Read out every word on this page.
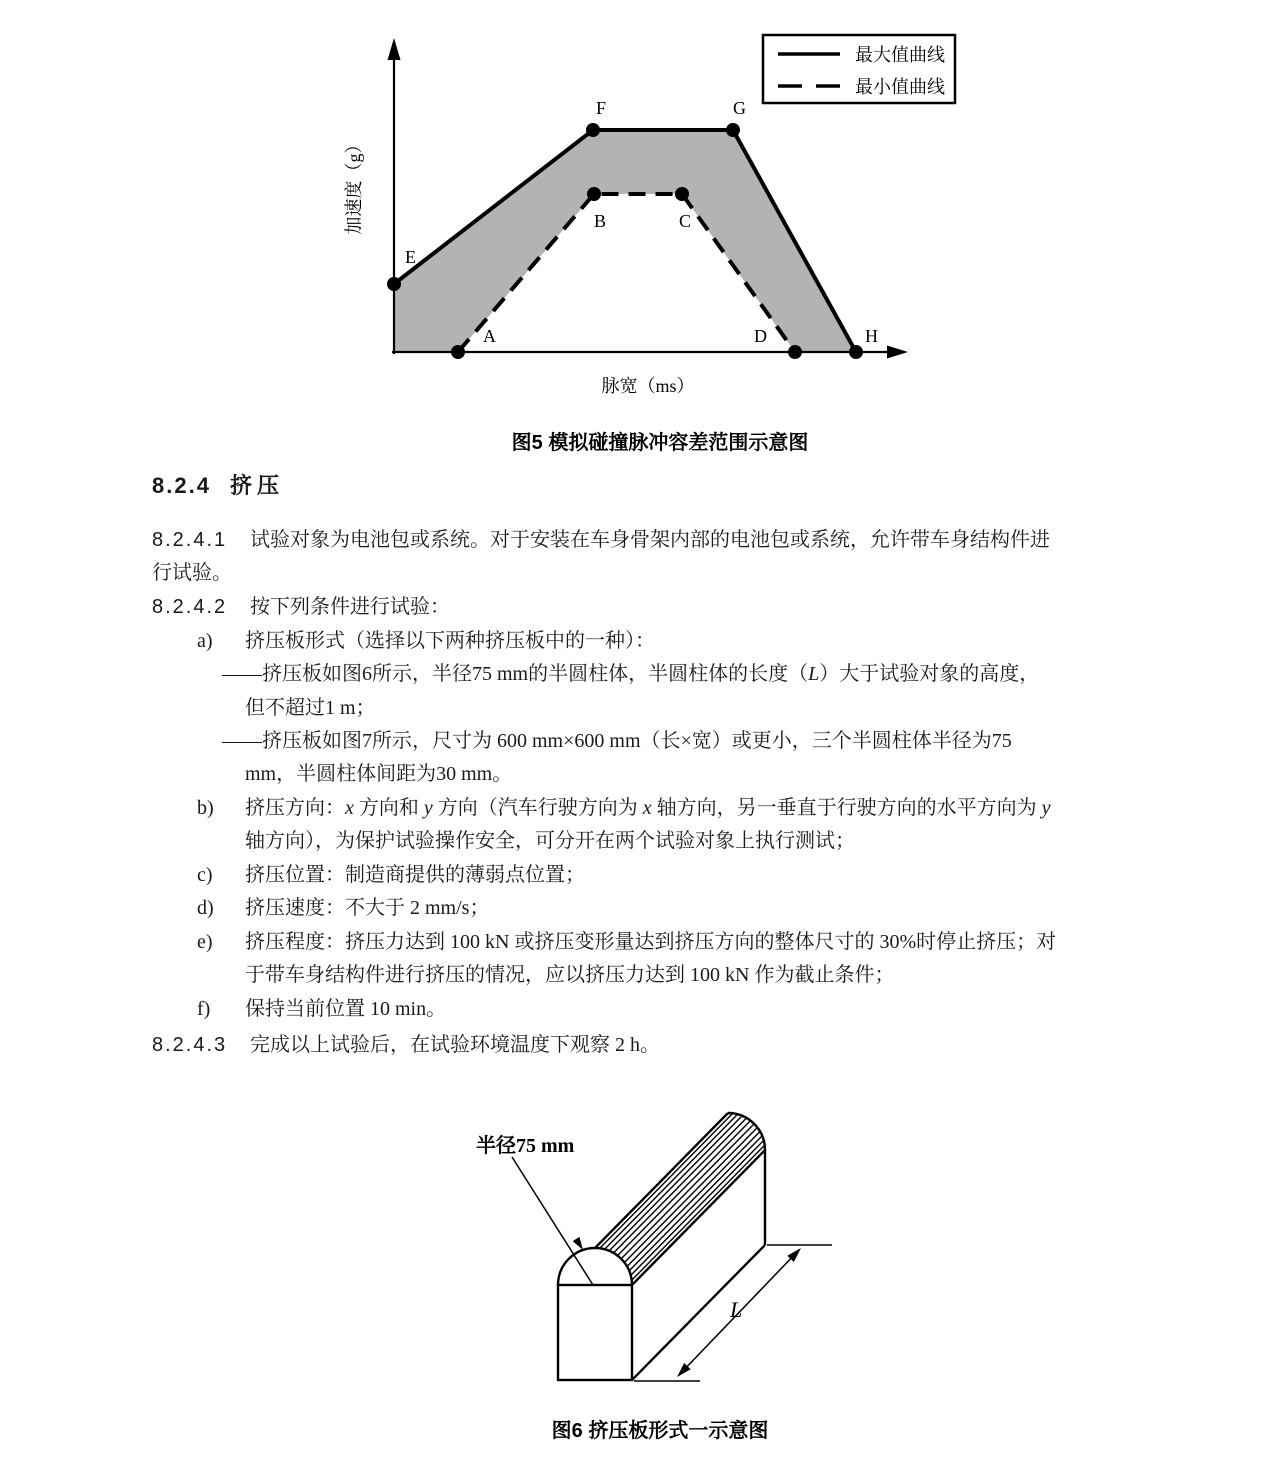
E
F	G
H
A
B	C
D
脉宽（ms）
加速度（g）
最大值曲线
最小值曲线
图5 模拟碰撞脉冲容差范围示意图
8.2.4 挤压
8.2.4.1 试验对象为电池包或系统。对于安装在车身骨架内部的电池包或系统，允许带车身结构件进
行试验。
8.2.4.2 按下列条件进行试验：
a) 挤压板形式（选择以下两种挤压板中的一种）：
——挤压板如图6所示，半径75 mm的半圆柱体，半圆柱体的长度（L）大于试验对象的高度，
但不超过1 m；
——挤压板如图7所示，尺寸为 600 mm×600 mm（长×宽）或更小，三个半圆柱体半径为75
mm，半圆柱体间距为30 mm。
b) 挤压方向：x 方向和 y 方向（汽车行驶方向为 x 轴方向，另一垂直于行驶方向的水平方向为 y
轴方向），为保护试验操作安全，可分开在两个试验对象上执行测试；
c) 挤压位置：制造商提供的薄弱点位置；
d) 挤压速度：不大于 2 mm/s；
e) 挤压程度：挤压力达到 100 kN 或挤压变形量达到挤压方向的整体尺寸的 30%时停止挤压；对
于带车身结构件进行挤压的情况，应以挤压力达到 100 kN 作为截止条件；
f) 保持当前位置 10 min。
8.2.4.3 完成以上试验后，在试验环境温度下观察 2 h。
L
半径75 mm
图6 挤压板形式一示意图
